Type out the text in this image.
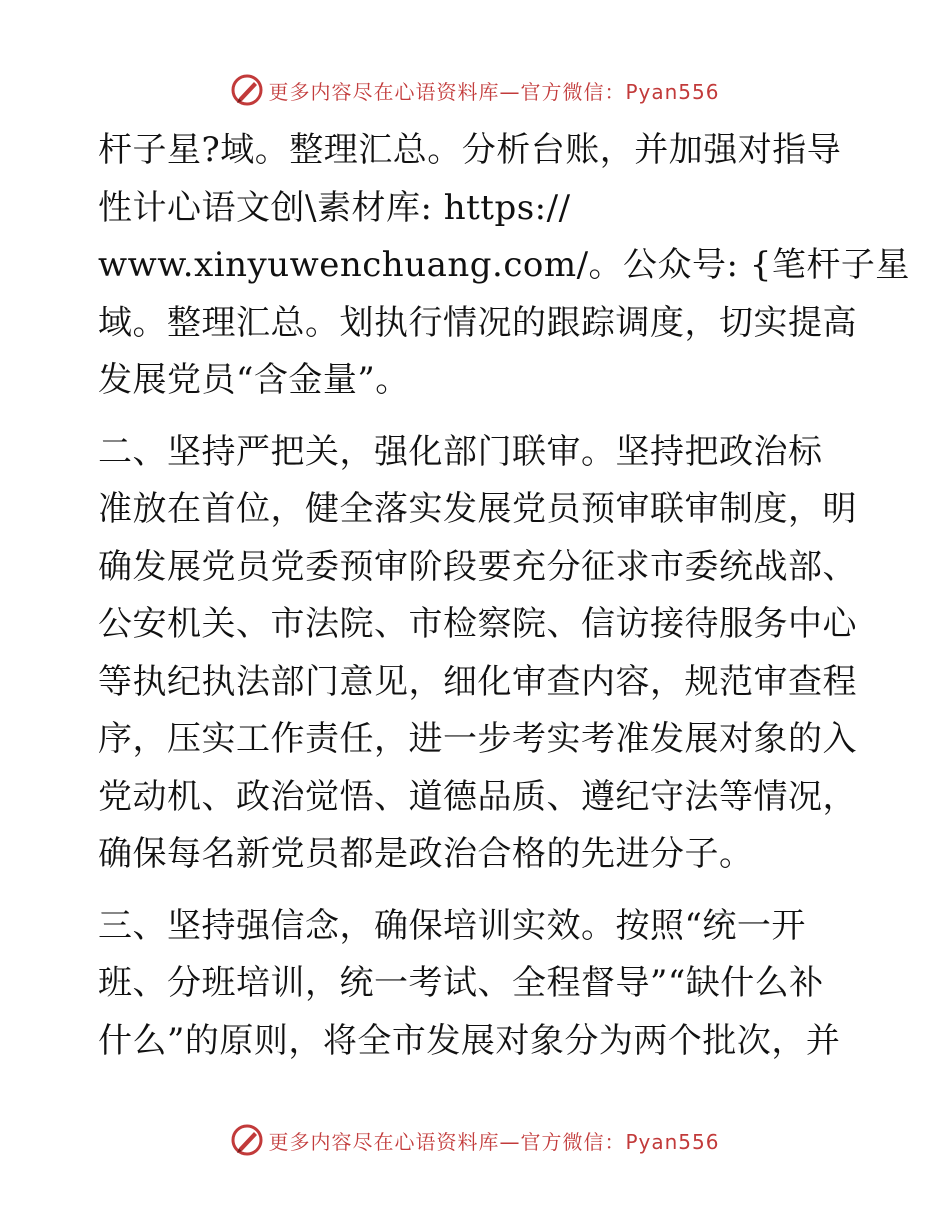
更多内容尽在心语资料库—官方微信：Pyan556
杆子星?域。整理汇总。分析台账，并加强对指导
性计心语文创\素材库: https://
www.xinyuwenchuang.com/。公众号: {笔杆子星
域。整理汇总。划执行情况的跟踪调度，切实提高
发展党员“含金量”。
二、坚持严把关，强化部门联审。坚持把政治标
准放在首位，健全落实发展党员预审联审制度，明
确发展党员党委预审阶段要充分征求市委统战部、
公安机关、市法院、市检察院、信访接待服务中心
等执纪执法部门意见，细化审查内容，规范审查程
序，压实工作责任，进一步考实考准发展对象的入
党动机、政治觉悟、道德品质、遵纪守法等情况，
确保每名新党员都是政治合格的先进分子。
三、坚持强信念，确保培训实效。按照“统一开
班、分班培训，统一考试、全程督导”“缺什么补
什么”的原则，将全市发展对象分为两个批次，并
更多内容尽在心语资料库—官方微信：Pyan556
